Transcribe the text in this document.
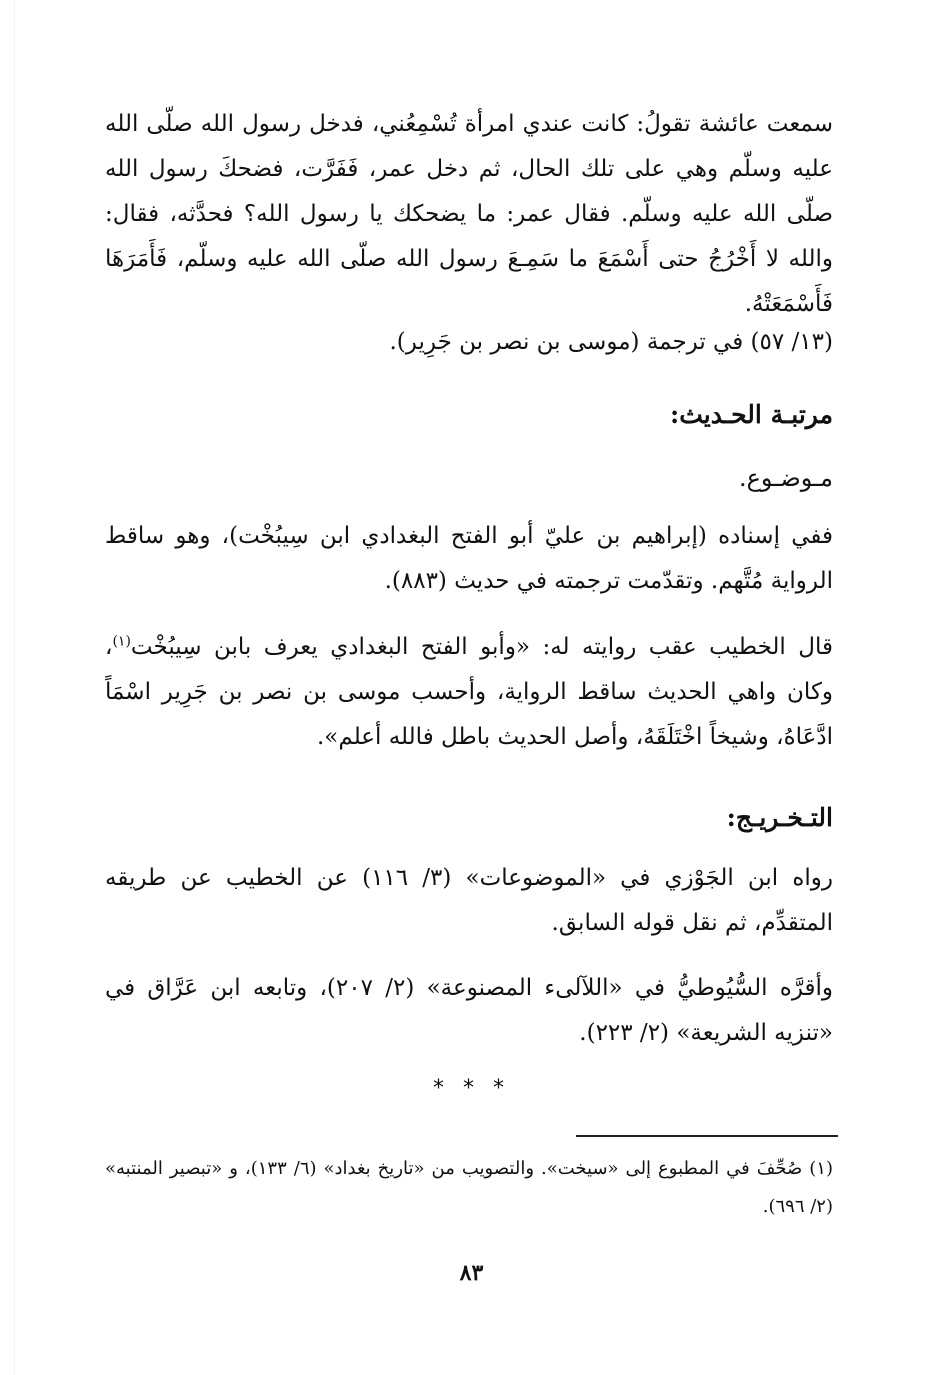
سمعت عائشة تقولُ: كانت عندي امرأة تُسْمِعُني، فدخل رسول الله صلّى الله عليه وسلّم وهي على تلك الحال، ثم دخل عمر، فَفَرَّت، فضحكَ رسول الله صلّى الله عليه وسلّم. فقال عمر: ما يضحكك يا رسول الله؟ فحدَّثه، فقال: والله لا أَخْرُجُ حتى أَسْمَعَ ما سَمِـعَ رسول الله صلّى الله عليه وسلّم، فَأَمَرَهَا فَأَسْمَعَتْهُ.

(١٣/ ٥٧) في ترجمة (موسى بن نصر بن جَرِير).

مرتبـة الحـديث:

مـوضـوع.

ففي إسناده (إبراهيم بن عليّ أبو الفتح البغدادي ابن سِيبُخْت)، وهو ساقط الرواية مُتَّهم. وتقدّمت ترجمته في حديث (٨٨٣).

قال الخطيب عقب روايته له: «وأبو الفتح البغدادي يعرف بابن سِيبُخْت$^{(١)}$، وكان واهي الحديث ساقط الرواية، وأحسب موسى بن نصر بن جَرِير اسْمَاً ادَّعَاهُ، وشيخاً اخْتَلَقَهُ، وأصل الحديث باطل فالله أعلم».

التـخـريـج:

رواه ابن الجَوْزي في «الموضوعات» (٣/ ١١٦) عن الخطيب عن طريقه المتقدِّم، ثم نقل قوله السابق.

وأقرَّه السُّيُوطيُّ في «اللآلىء المصنوعة» (٢/ ٢٠٧)، وتابعه ابن عَرَّاق في «تنزيه الشريعة» (٢/ ٢٢٣).

* * *

(١) صُحِّفَ في المطبوع إلى «سيخت». والتصويب من «تاريخ بغداد» (٦/ ١٣٣)، و «تبصير المنتبه» (٢/ ٦٩٦).

٨٣
